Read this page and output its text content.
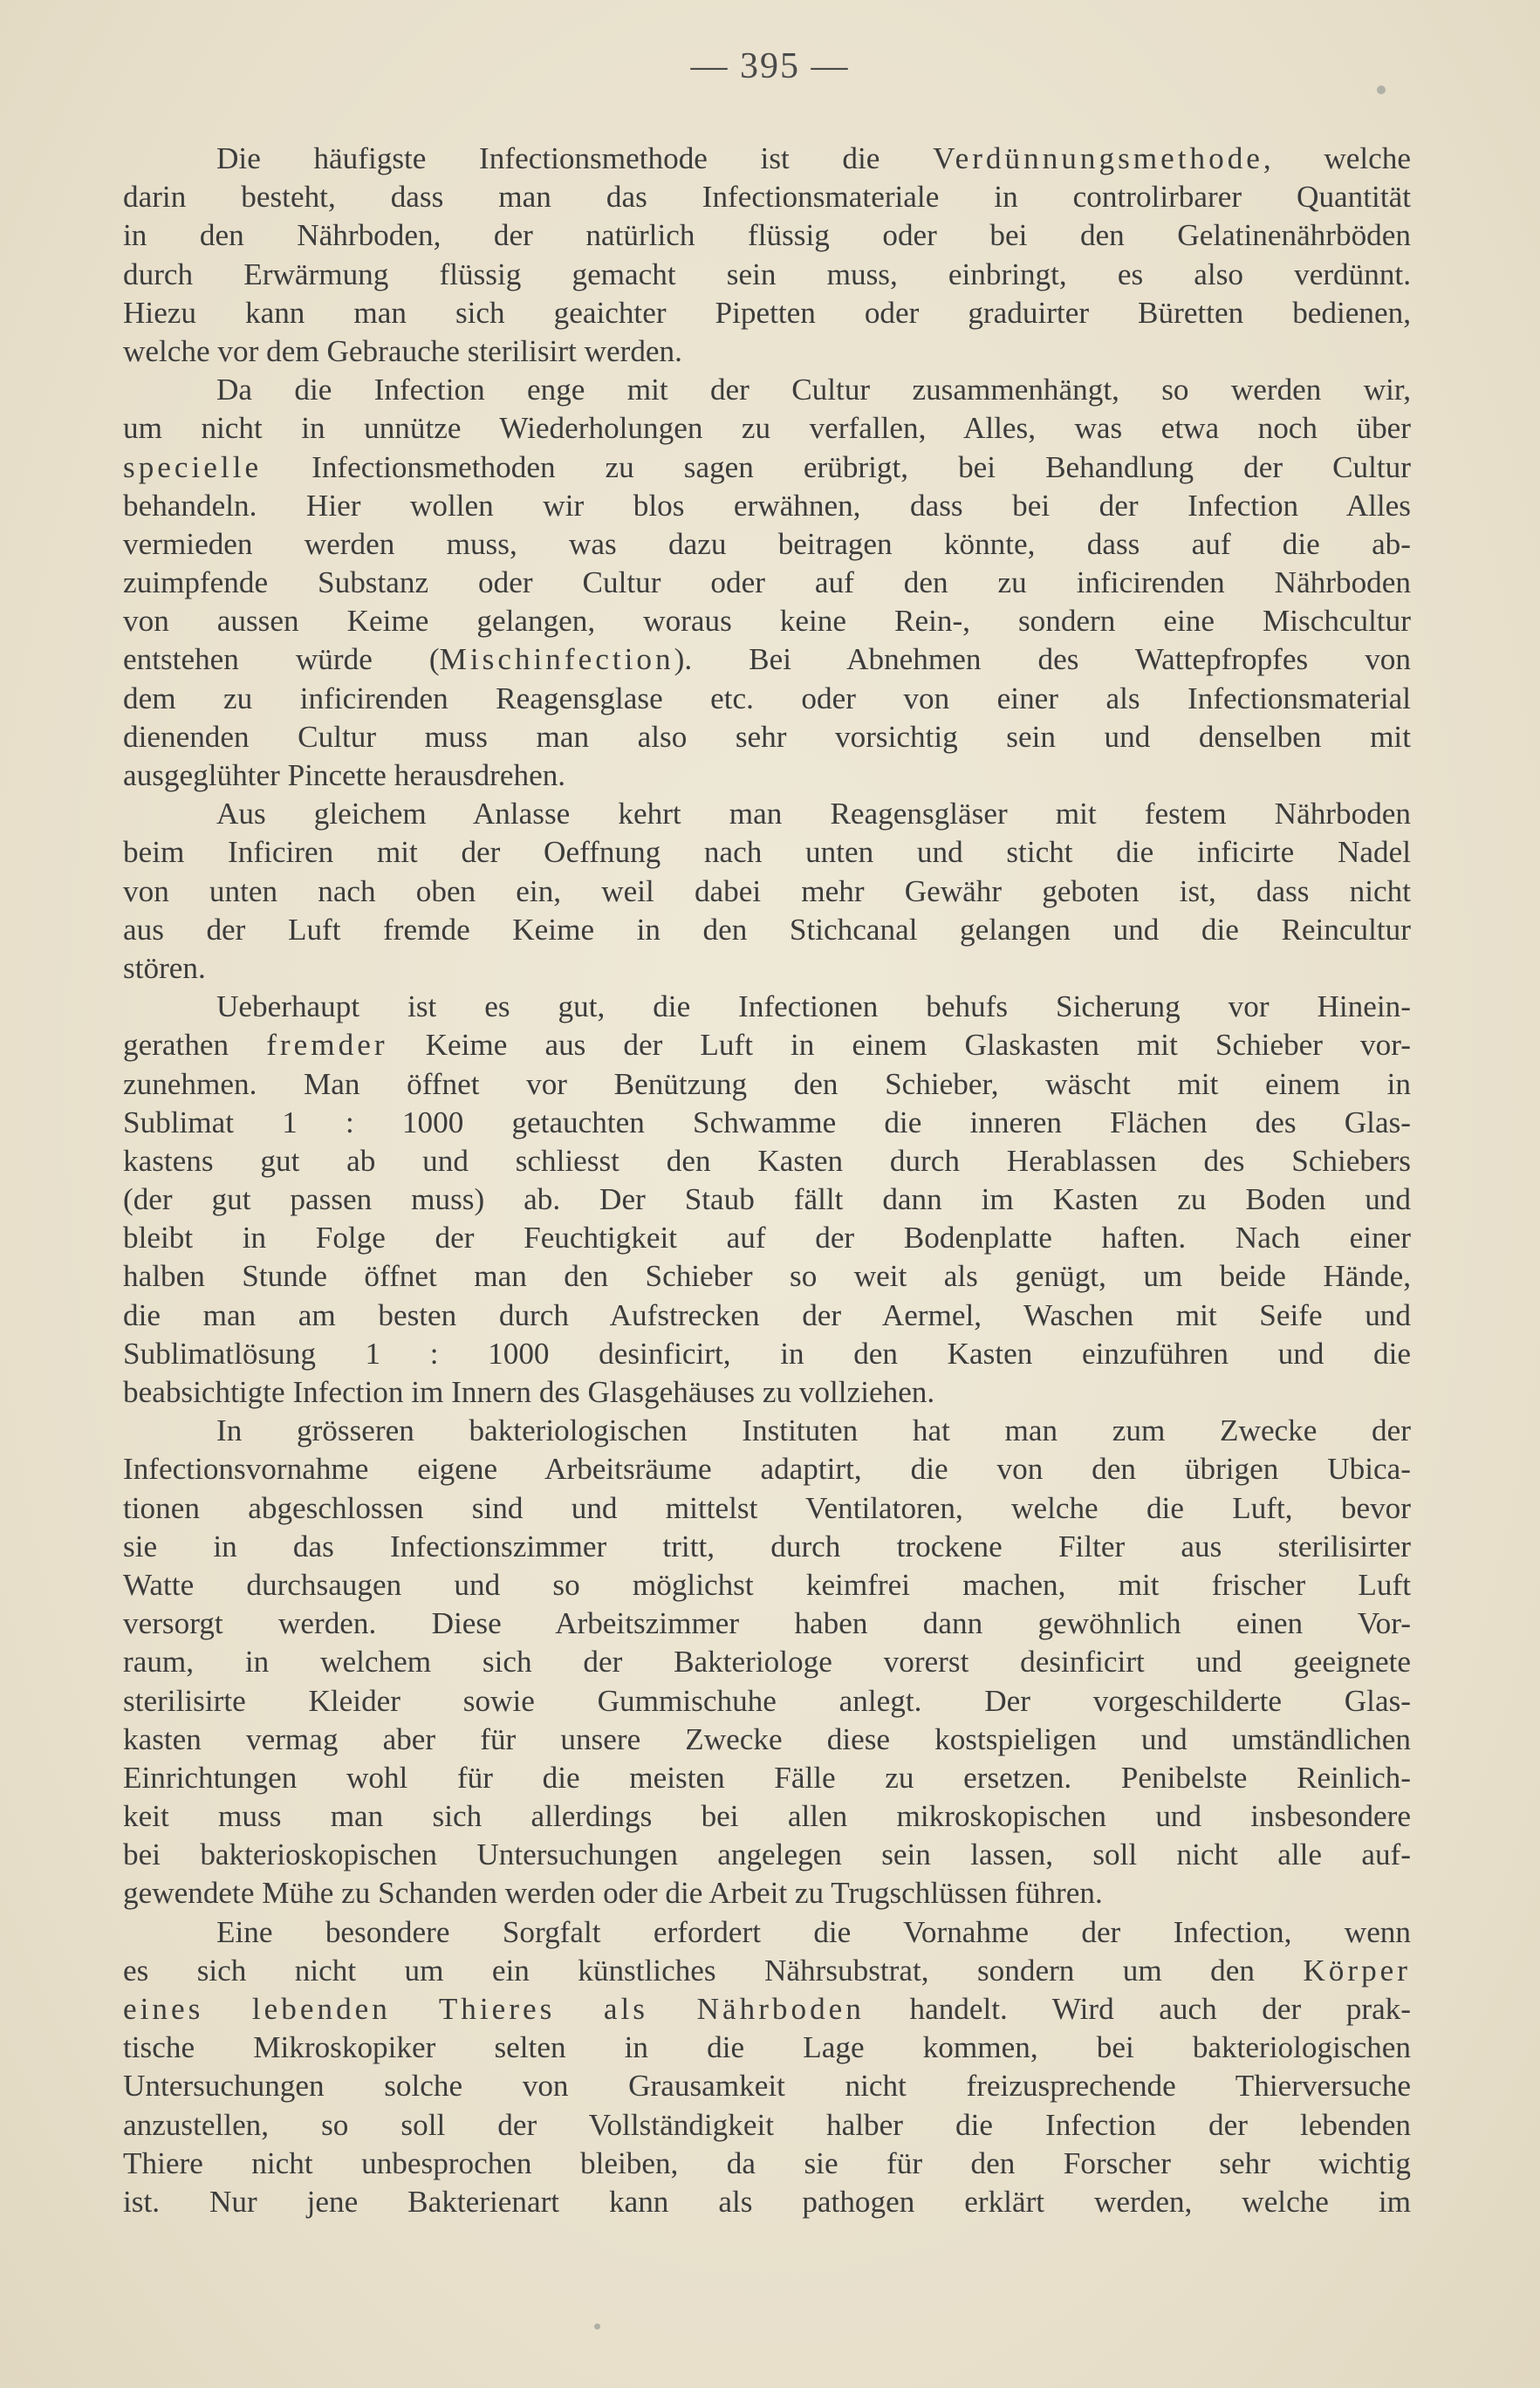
— 395 —
Die häufigste Infectionsmethode ist die Verdünnungsmethode, welche
darin besteht, dass man das Infectionsmateriale in controlirbarer Quantität
in den Nährboden, der natürlich flüssig oder bei den Gelatinenährböden
durch Erwärmung flüssig gemacht sein muss, einbringt, es also verdünnt.
Hiezu kann man sich geaichter Pipetten oder graduirter Büretten bedienen,
welche vor dem Gebrauche sterilisirt werden.
Da die Infection enge mit der Cultur zusammenhängt, so werden wir,
um nicht in unnütze Wiederholungen zu verfallen, Alles, was etwa noch über
specielle Infectionsmethoden zu sagen erübrigt, bei Behandlung der Cultur
behandeln. Hier wollen wir blos erwähnen, dass bei der Infection Alles
vermieden werden muss, was dazu beitragen könnte, dass auf die ab-
zuimpfende Substanz oder Cultur oder auf den zu inficirenden Nährboden
von aussen Keime gelangen, woraus keine Rein-, sondern eine Mischcultur
entstehen würde (Mischinfection). Bei Abnehmen des Wattepfropfes von
dem zu inficirenden Reagensglase etc. oder von einer als Infectionsmaterial
dienenden Cultur muss man also sehr vorsichtig sein und denselben mit
ausgeglühter Pincette herausdrehen.
Aus gleichem Anlasse kehrt man Reagensgläser mit festem Nährboden
beim Inficiren mit der Oeffnung nach unten und sticht die inficirte Nadel
von unten nach oben ein, weil dabei mehr Gewähr geboten ist, dass nicht
aus der Luft fremde Keime in den Stichcanal gelangen und die Reincultur
stören.
Ueberhaupt ist es gut, die Infectionen behufs Sicherung vor Hinein-
gerathen fremder Keime aus der Luft in einem Glaskasten mit Schieber vor-
zunehmen. Man öffnet vor Benützung den Schieber, wäscht mit einem in
Sublimat 1 : 1000 getauchten Schwamme die inneren Flächen des Glas-
kastens gut ab und schliesst den Kasten durch Herablassen des Schiebers
(der gut passen muss) ab. Der Staub fällt dann im Kasten zu Boden und
bleibt in Folge der Feuchtigkeit auf der Bodenplatte haften. Nach einer
halben Stunde öffnet man den Schieber so weit als genügt, um beide Hände,
die man am besten durch Aufstrecken der Aermel, Waschen mit Seife und
Sublimatlösung 1 : 1000 desinficirt, in den Kasten einzuführen und die
beabsichtigte Infection im Innern des Glasgehäuses zu vollziehen.
In grösseren bakteriologischen Instituten hat man zum Zwecke der
Infectionsvornahme eigene Arbeitsräume adaptirt, die von den übrigen Ubica-
tionen abgeschlossen sind und mittelst Ventilatoren, welche die Luft, bevor
sie in das Infectionszimmer tritt, durch trockene Filter aus sterilisirter
Watte durchsaugen und so möglichst keimfrei machen, mit frischer Luft
versorgt werden. Diese Arbeitszimmer haben dann gewöhnlich einen Vor-
raum, in welchem sich der Bakteriologe vorerst desinficirt und geeignete
sterilisirte Kleider sowie Gummischuhe anlegt. Der vorgeschilderte Glas-
kasten vermag aber für unsere Zwecke diese kostspieligen und umständlichen
Einrichtungen wohl für die meisten Fälle zu ersetzen. Penibelste Reinlich-
keit muss man sich allerdings bei allen mikroskopischen und insbesondere
bei bakterioskopischen Untersuchungen angelegen sein lassen, soll nicht alle auf-
gewendete Mühe zu Schanden werden oder die Arbeit zu Trugschlüssen führen.
Eine besondere Sorgfalt erfordert die Vornahme der Infection, wenn
es sich nicht um ein künstliches Nährsubstrat, sondern um den Körper
eines lebenden Thieres als Nährboden handelt. Wird auch der prak-
tische Mikroskopiker selten in die Lage kommen, bei bakteriologischen
Untersuchungen solche von Grausamkeit nicht freizusprechende Thierversuche
anzustellen, so soll der Vollständigkeit halber die Infection der lebenden
Thiere nicht unbesprochen bleiben, da sie für den Forscher sehr wichtig
ist. Nur jene Bakterienart kann als pathogen erklärt werden, welche im
